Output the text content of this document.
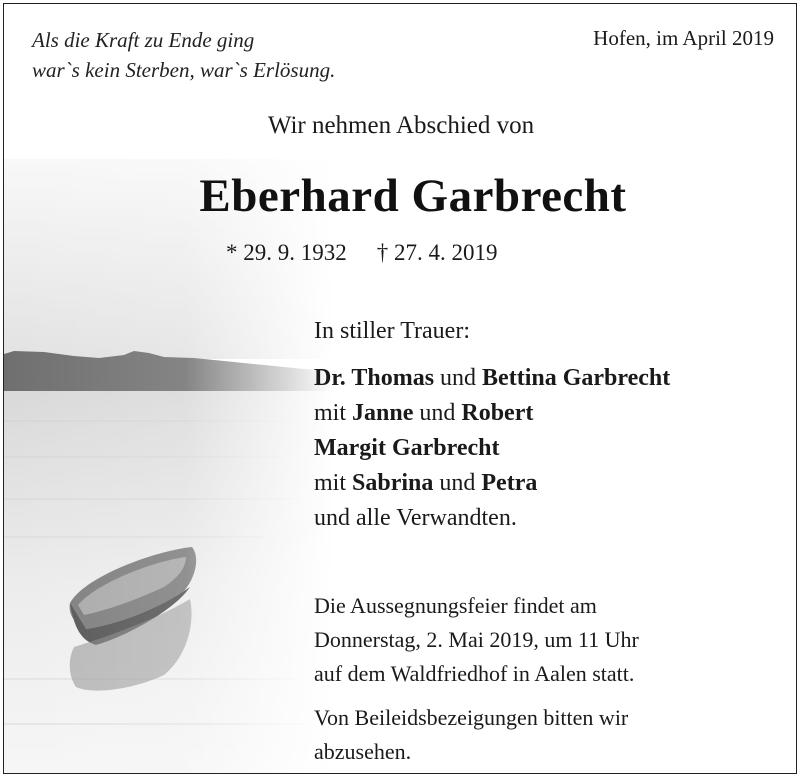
Als die Kraft zu Ende ging
war`s kein Sterben, war`s Erlösung.
Hofen, im April 2019
Wir nehmen Abschied von
Eberhard Garbrecht
* 29. 9. 1932 † 27. 4. 2019
In stiller Trauer:
Dr. Thomas und Bettina Garbrecht
mit Janne und Robert
Margit Garbrecht
mit Sabrina und Petra
und alle Verwandten.
Die Aussegnungsfeier findet am
Donnerstag, 2. Mai 2019, um 11 Uhr
auf dem Waldfriedhof in Aalen statt.
Von Beileidsbezeigungen bitten wir
abzusehen.
